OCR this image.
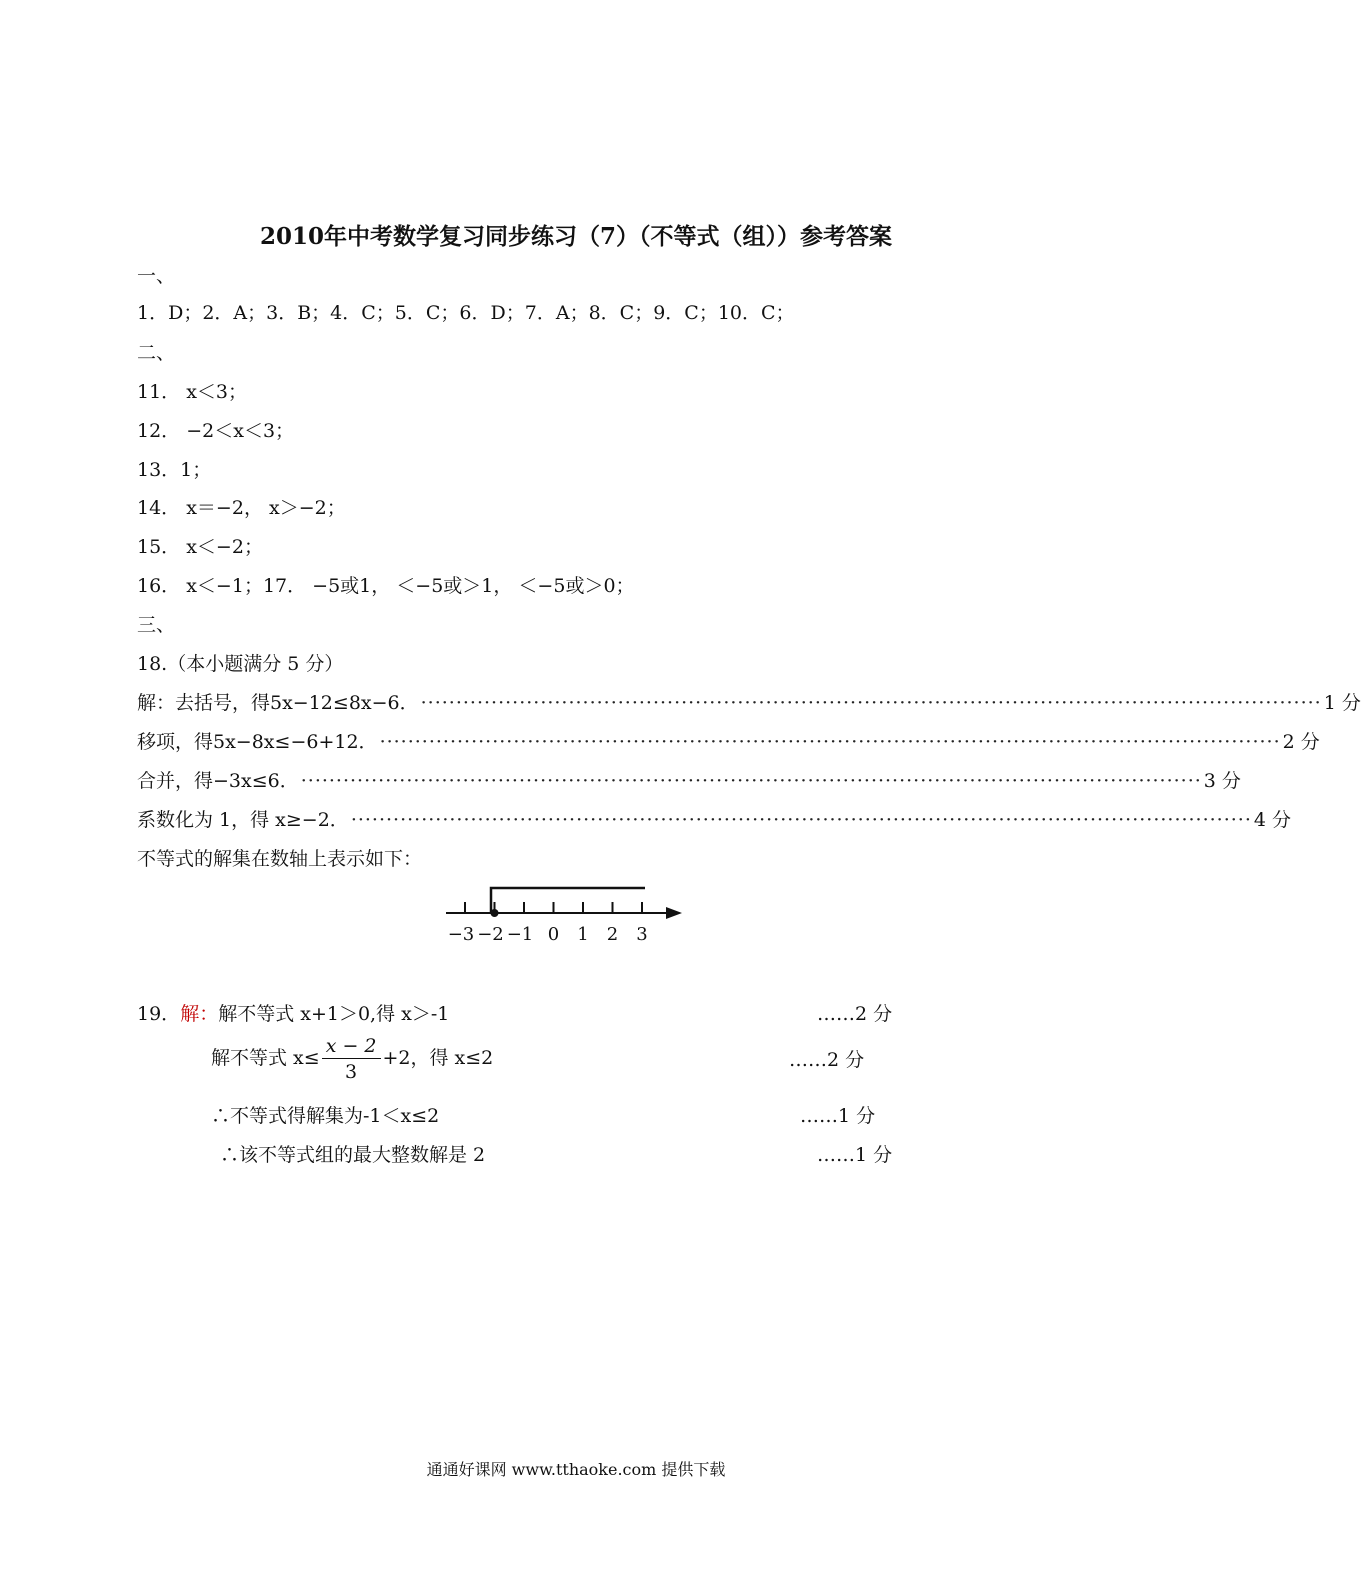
2010年中考数学复习同步练习（7）（不等式（组））参考答案
一、
1．D；2．A；3．B；4．C；5．C；6．D；7．A；8．C；9．C；10．C；
二、
11． x＜3；
12． −2＜x＜3；
13．1；
14． x＝−2， x＞−2；
15． x＜−2；
16． x＜−1；17． −5或1， ＜−5或＞1， ＜−5或＞0；
三、
18.（本小题满分 5 分）
解：去括号，得5x−12≤8x−6． ································································································································ 1 分
移项，得5x−8x≤−6+12． ································································································································ 2 分
合并，得−3x≤6． ································································································································ 3 分
系数化为 1，得 x≥−2． ································································································································ 4 分
不等式的解集在数轴上表示如下：
−3 −2 −1 0 1 2 3
19．解：解不等式 x+1＞0,得 x＞-1	……2 分
解不等式 $x\le \frac{x - 2}{3} +2$，得 x≤2	……2 分
∴不等式得解集为-1＜x≤2	……1 分
∴该不等式组的最大整数解是 2	……1 分
通通好课网 www.tthaoke.com 提供下载
